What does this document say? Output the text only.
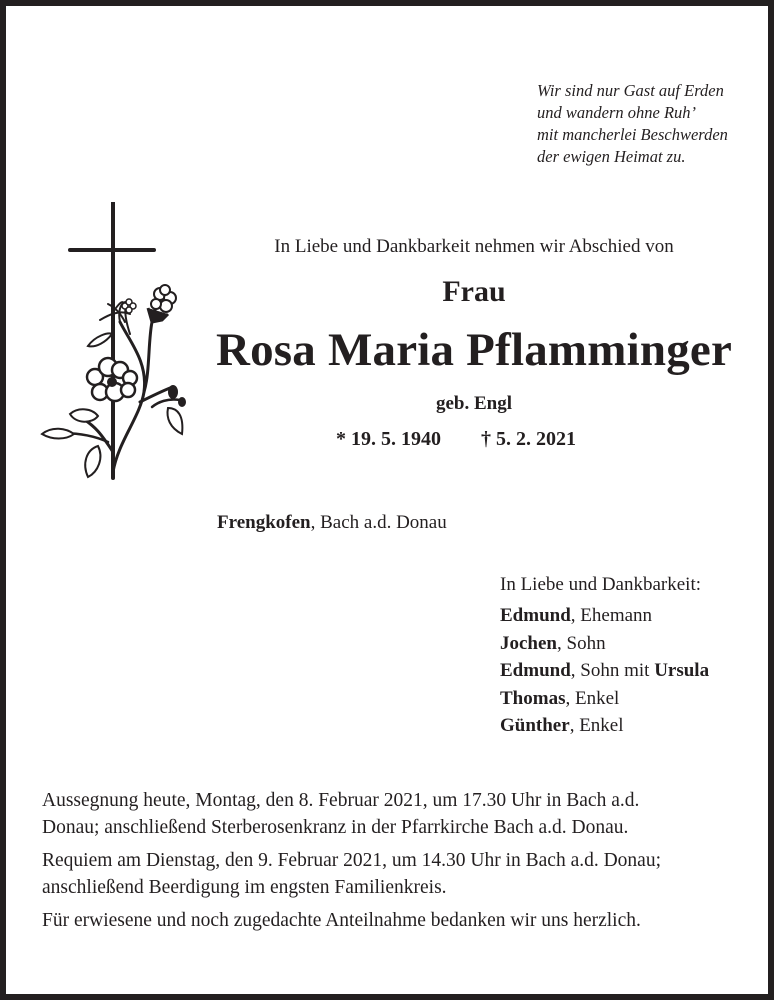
Wir sind nur Gast auf Erden
und wandern ohne Ruh’
mit mancherlei Beschwerden
der ewigen Heimat zu.
In Liebe und Dankbarkeit nehmen wir Abschied von
Frau
Rosa Maria Pflamminger
geb. Engl
* 19. 5. 1940 † 5. 2. 2021
Frengkofen, Bach a.d. Donau
In Liebe und Dankbarkeit:
Edmund, Ehemann
Jochen, Sohn
Edmund, Sohn mit Ursula
Thomas, Enkel
Günther, Enkel

Aussegnung heute, Montag, den 8. Februar 2021, um 17.30 Uhr in Bach a.d.
Donau; anschließend Sterberosenkranz in der Pfarrkirche Bach a.d. Donau.

Requiem am Dienstag, den 9. Februar 2021, um 14.30 Uhr in Bach a.d. Donau;
anschließend Beerdigung im engsten Familienkreis.

Für erwiesene und noch zugedachte Anteilnahme bedanken wir uns herzlich.
